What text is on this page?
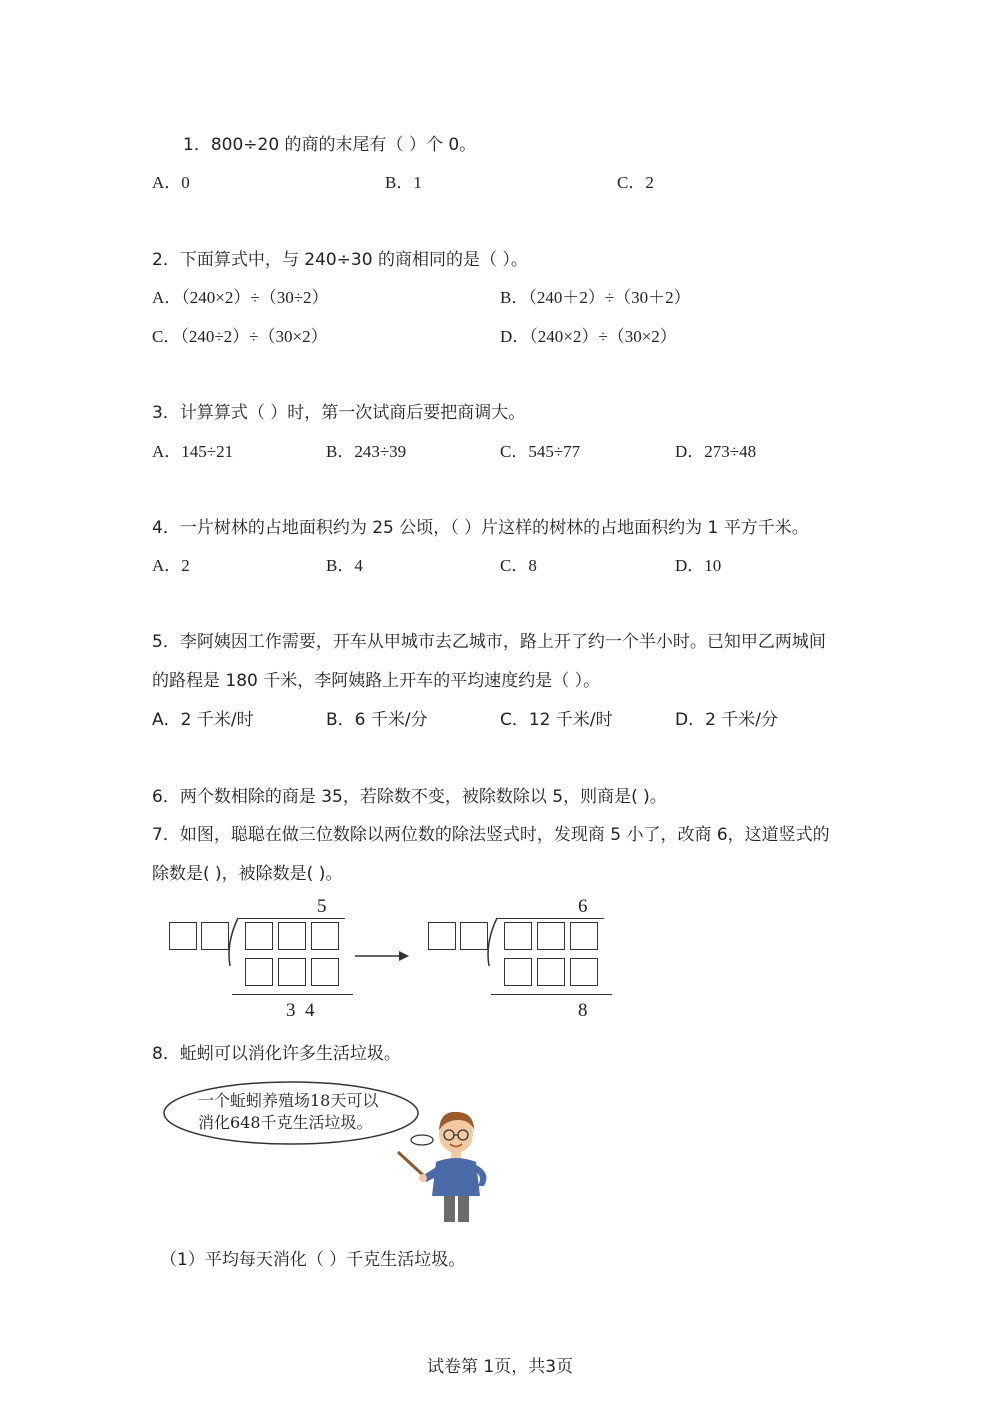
1．800÷20 的商的末尾有（ ）个 0。
A．0	B．1	C．2
2．下面算式中，与 240÷30 的商相同的是（ ）。
A．（240×2）÷（30÷2）	B．（240＋2）÷（30＋2）
C．（240÷2）÷（30×2）	D．（240×2）÷（30×2）
3．计算算式（ ）时，第一次试商后要把商调大。
A．145÷21	B．243÷39	C．545÷77	D．273÷48
4．一片树林的占地面积约为 25 公顷，（ ）片这样的树林的占地面积约为 1 平方千米。
A．2	B．4	C．8	D．10
5．李阿姨因工作需要，开车从甲城市去乙城市，路上开了约一个半小时。已知甲乙两城间
的路程是 180 千米，李阿姨路上开车的平均速度约是（ ）。
A．2 千米/时	B．6 千米/分	C．12 千米/时	D．2 千米/分
6．两个数相除的商是 35，若除数不变，被除数除以 5，则商是( )。
7．如图，聪聪在做三位数除以两位数的除法竖式时，发现商 5 小了，改商 6，这道竖式的
除数是( )，被除数是( )。
5
3  4
6
8
8．蚯蚓可以消化许多生活垃圾。
一个蚯蚓养殖场18天可以
消化648千克生活垃圾。
（1）平均每天消化（ ）千克生活垃圾。
试卷第 1页，共3页
